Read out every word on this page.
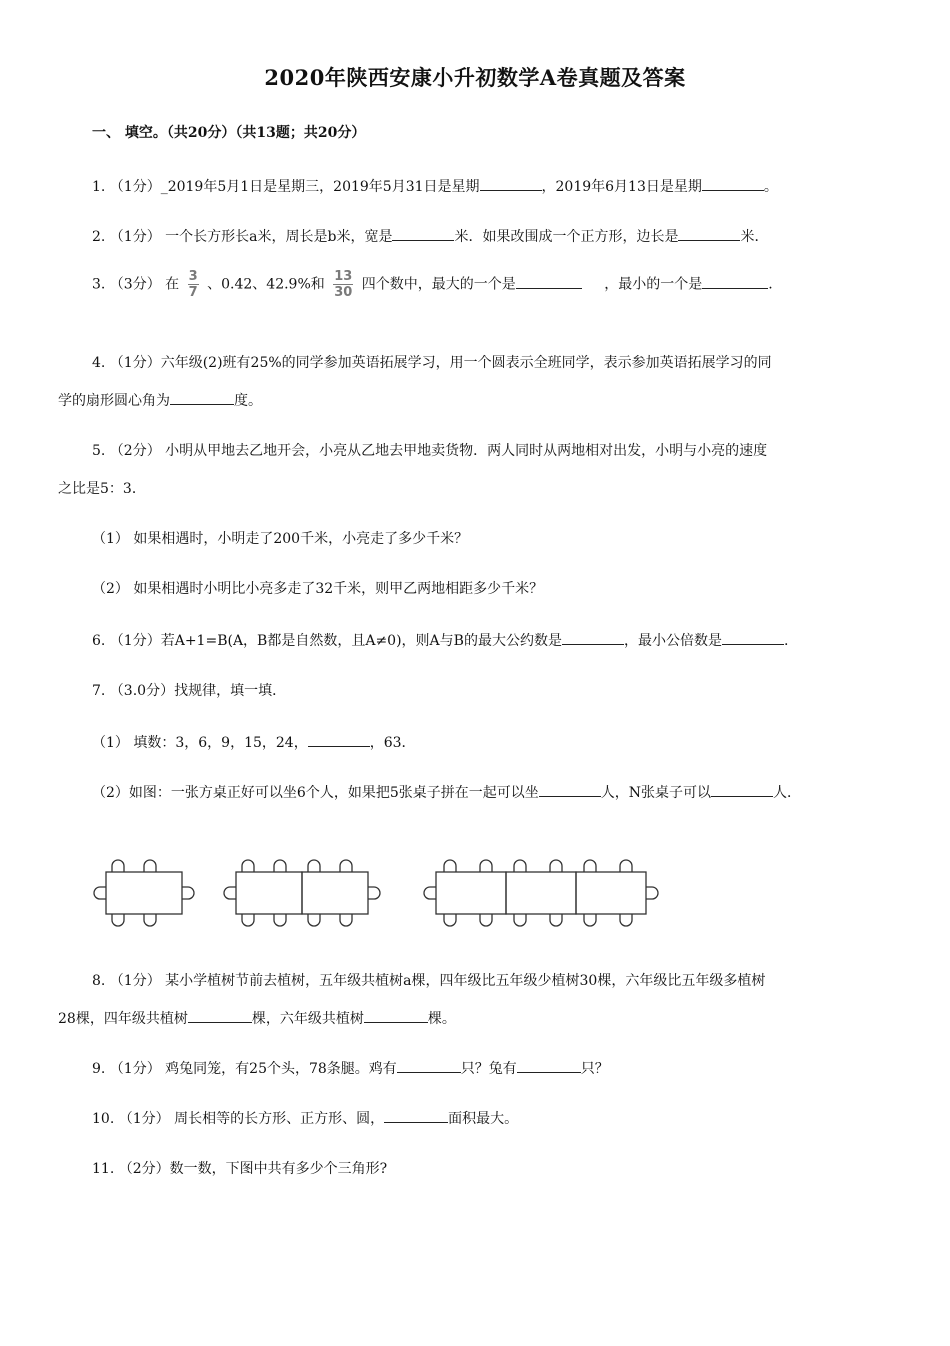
2020年陕西安康小升初数学A卷真题及答案
一、 填空。（共20分）（共13题；共20分）
1. （1分）_2019年5月1日是星期三，2019年5月31日是星期	，2019年6月13日是星期	。
2. （1分） 一个长方形长a米，周长是b米，宽是	米．如果改围成一个正方形，边长是	米．
3. （3分） 在 $\frac{3}{7}$ 、0.42、42.9%和 $\frac{13}{30}$ 四个数中，最大的一个是	，最小的一个是	.
4. （1分）六年级(2)班有25%的同学参加英语拓展学习，用一个圆表示全班同学，表示参加英语拓展学习的同
学的扇形圆心角为	度。
5. （2分） 小明从甲地去乙地开会，小亮从乙地去甲地卖货物．两人同时从两地相对出发，小明与小亮的速度
之比是5：3．
（1） 如果相遇时，小明走了200千米，小亮走了多少千米？
（2） 如果相遇时小明比小亮多走了32千米，则甲乙两地相距多少千米？
6. （1分）若A+1=B(A，B都是自然数，且A≠0)，则A与B的最大公约数是	，最小公倍数是	.
7. （3.0分）找规律，填一填．
（1） 填数：3，6，9，15，24，	，63．
（2）如图：一张方桌正好可以坐6个人，如果把5张桌子拼在一起可以坐	人，N张桌子可以	人．
8. （1分） 某小学植树节前去植树，五年级共植树a棵，四年级比五年级少植树30棵，六年级比五年级多植树
28棵，四年级共植树	棵，六年级共植树	棵。
9. （1分） 鸡兔同笼，有25个头，78条腿。鸡有	只？兔有	只？
10. （1分） 周长相等的长方形、正方形、圆，	面积最大。
11. （2分）数一数，下图中共有多少个三角形?
